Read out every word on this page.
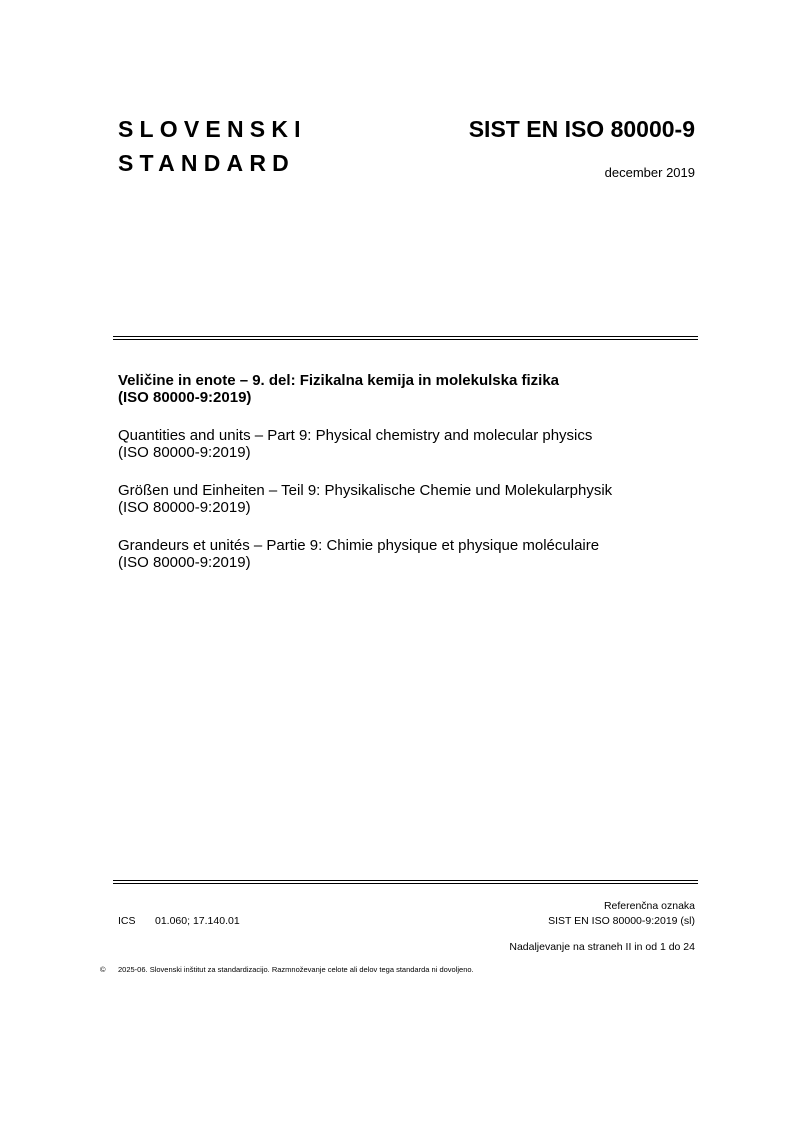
SLOVENSKI
STANDARD
SIST EN ISO 80000-9
december 2019
Veličine in enote – 9. del: Fizikalna kemija in molekulska fizika
(ISO 80000-9:2019)
Quantities and units – Part 9: Physical chemistry and molecular physics
(ISO 80000-9:2019)
Größen und Einheiten – Teil 9: Physikalische Chemie und Molekularphysik
(ISO 80000-9:2019)
Grandeurs et unités – Partie 9: Chimie physique et physique moléculaire
(ISO 80000-9:2019)
Referenčna oznaka
ICS 01.060; 17.140.01	SIST EN ISO 80000-9:2019 (sl)
Nadaljevanje na straneh II in od 1 do 24
© 2025-06. Slovenski inštitut za standardizacijo. Razmnoževanje celote ali delov tega standarda ni dovoljeno.
